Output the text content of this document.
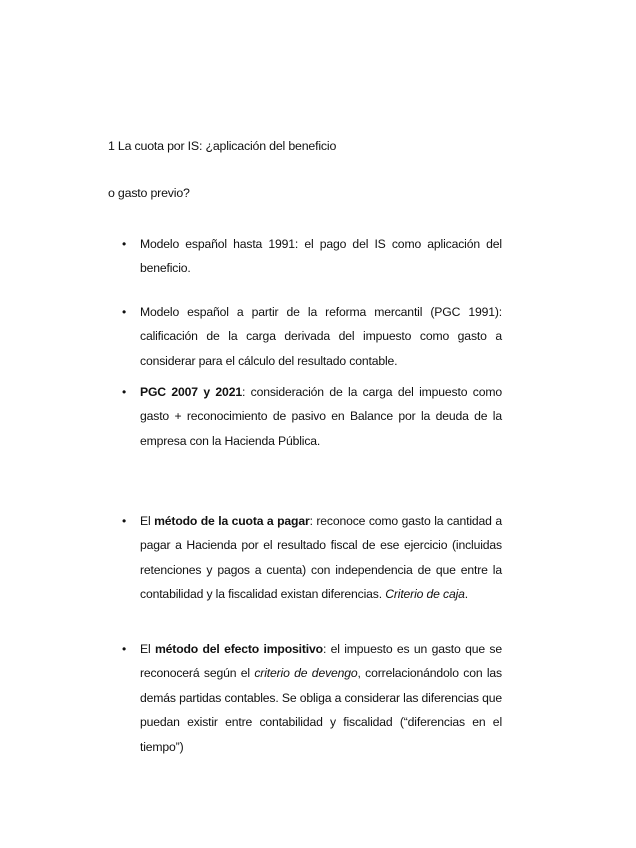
1 La cuota por IS: ¿aplicación del beneficio
o gasto previo?
• Modelo español hasta 1991: el pago del IS como aplicación del beneficio.
• Modelo español a partir de la reforma mercantil (PGC 1991): calificación de la carga derivada del impuesto como gasto a considerar para el cálculo del resultado contable.
• PGC 2007 y 2021: consideración de la carga del impuesto como gasto + reconocimiento de pasivo en Balance por la deuda de la empresa con la Hacienda Pública.
• El método de la cuota a pagar: reconoce como gasto la cantidad a pagar a Hacienda por el resultado fiscal de ese ejercicio (incluidas retenciones y pagos a cuenta) con independencia de que entre la contabilidad y la fiscalidad existan diferencias. Criterio de caja.
• El método del efecto impositivo: el impuesto es un gasto que se reconocerá según el criterio de devengo, correlacionándolo con las demás partidas contables. Se obliga a considerar las diferencias que puedan existir entre contabilidad y fiscalidad (“diferencias en el tiempo”)
